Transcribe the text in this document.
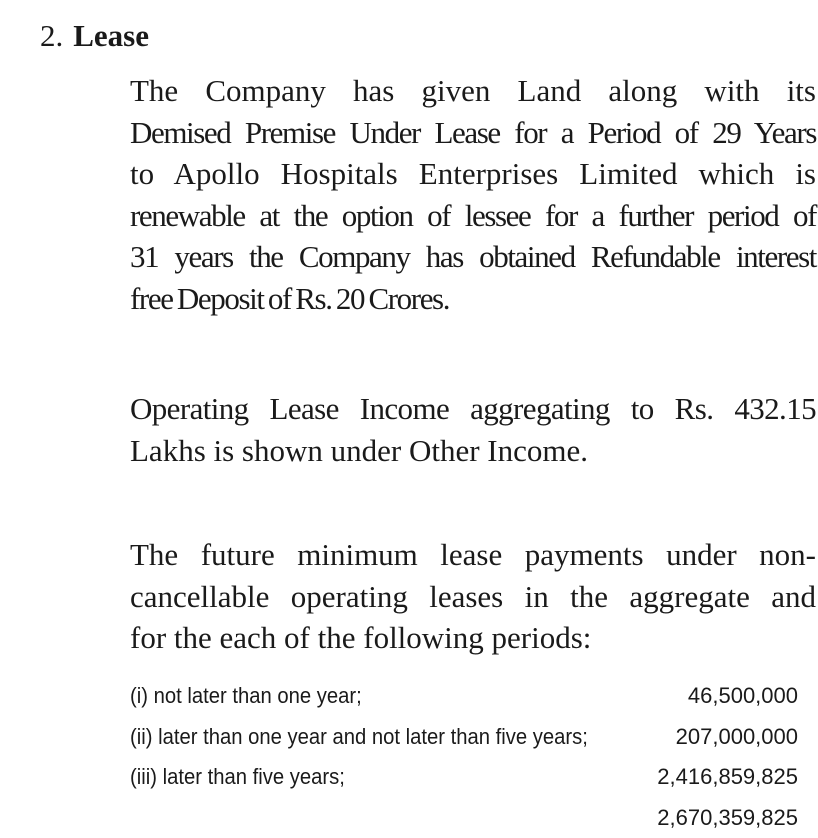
2. Lease
The Company has given Land along with its
Demised Premise Under Lease for a Period of 29 Years
to Apollo Hospitals Enterprises Limited which is
renewable at the option of lessee for a further period of
31 years the Company has obtained Refundable interest
free Deposit of Rs. 20 Crores.
Operating Lease Income aggregating to Rs. 432.15
Lakhs is shown under Other Income.
The future minimum lease payments under non-
cancellable operating leases in the aggregate and
for the each of the following periods:
(i) not later than one year;	46,500,000
(ii) later than one year and not later than five years;	207,000,000
(iii) later than five years;	2,416,859,825
2,670,359,825
